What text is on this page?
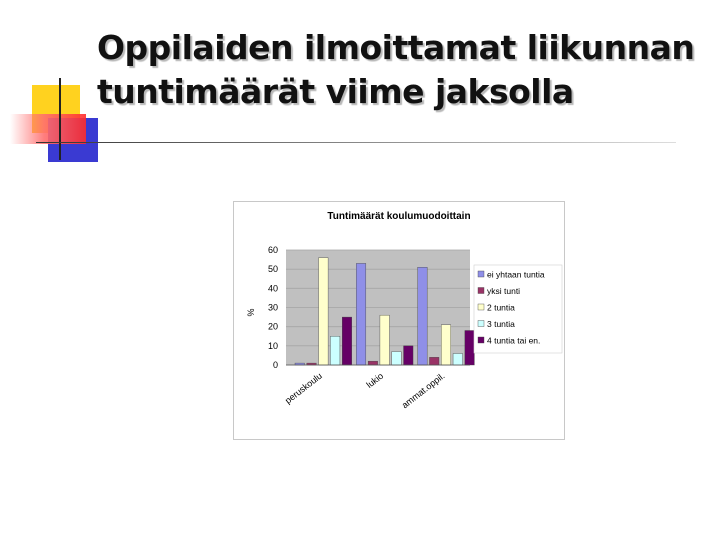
Oppilaiden ilmoittamat liikunnan tuntimäärät viime jaksolla
Tuntimäärät koulumuodoittain
0
10
20
30
40
50
60
%
peruskoulu	lukio ammat.oppil.
ei yhtaan tuntia
yksi tunti
2 tuntia
3 tuntia
4 tuntia tai en.
